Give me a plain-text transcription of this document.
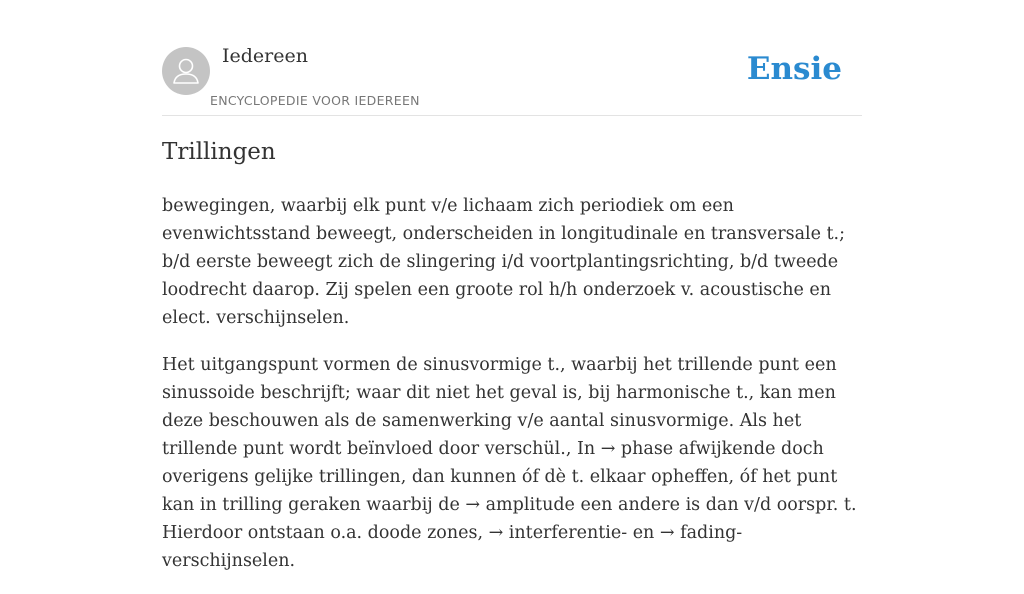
Iedereen
ENCYCLOPEDIE VOOR IEDEREEN
Ensie
Trillingen

bewegingen, waarbij elk punt v/e lichaam zich periodiek om een evenwichtsstand beweegt, onderscheiden in longitudinale en transversale t.; b/d eerste beweegt zich de slingering i/d voortplantingsrichting, b/d tweede loodrecht daarop. Zij spelen een groote rol h/h onderzoek v. acoustische en elect. verschijnselen.

Het uitgangspunt vormen de sinusvormige t., waarbij het trillende punt een sinussoide beschrijft; waar dit niet het geval is, bij harmonische t., kan men deze beschouwen als de samenwerking v/e aantal sinusvormige. Als het trillende punt wordt beïnvloed door verschül., In → phase afwijkende doch overigens gelijke trillingen, dan kunnen óf dè t. elkaar opheffen, óf het punt kan in trilling geraken waarbij de → amplitude een andere is dan v/d oorspr. t. Hierdoor ontstaan o.a. doode zones, → interferentie- en → fading-verschijnselen.
